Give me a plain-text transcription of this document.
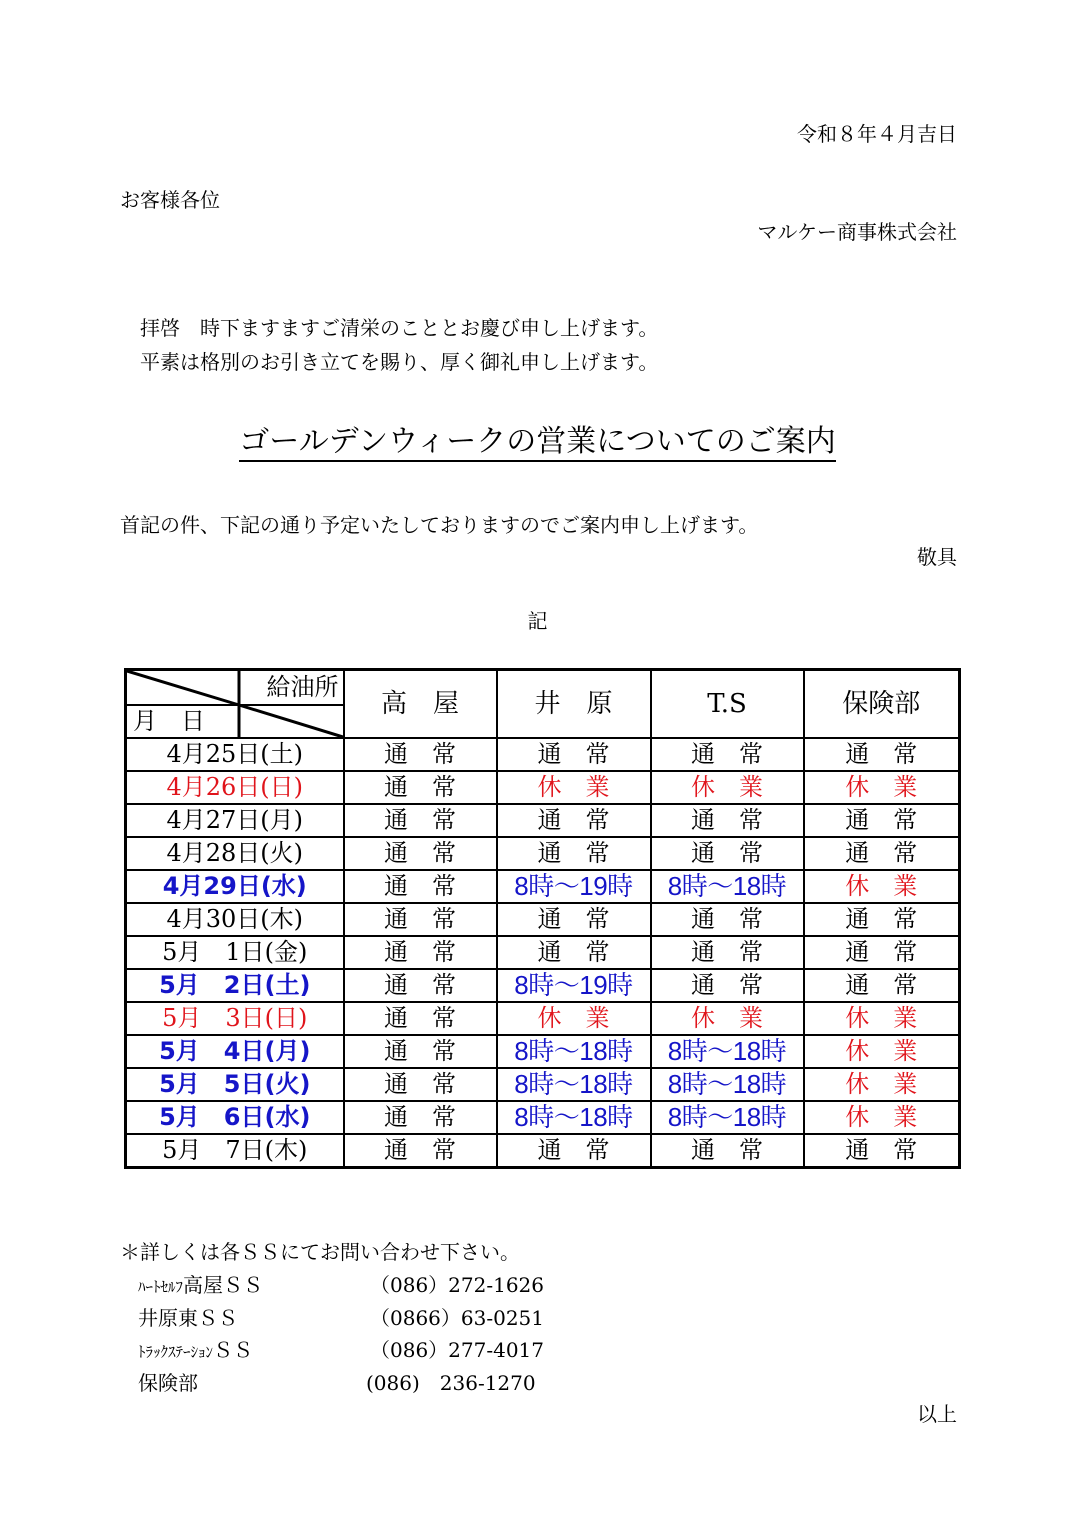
令和８年４月吉日
お客様各位
マルケー商事株式会社
拝啓　時下ますますご清栄のこととお慶び申し上げます。
平素は格別のお引き立てを賜り、厚く御礼申し上げます。
ゴールデンウィークの営業についてのご案内
首記の件、下記の通り予定いたしておりますのでご案内申し上げます。
敬具
記
給油所
月　日	高　屋	井　原	T.S	保険部
4月25日(土)	通　常	通　常	通　常	通　常
4月26日(日)	通　常	休　業	休　業	休　業
4月27日(月)	通　常	通　常	通　常	通　常
4月28日(火)	通　常	通　常	通　常	通　常
4月29日(水)	通　常	8時～19時	8時～18時	休　業
4月30日(木)	通　常	通　常	通　常	通　常
5月　1日(金)	通　常	通　常	通　常	通　常
5月　2日(土)	通　常	8時～19時	通　常	通　常
5月　3日(日)	通　常	休　業	休　業	休　業
5月　4日(月)	通　常	8時～18時	8時～18時	休　業
5月　5日(火)	通　常	8時～18時	8時～18時	休　業
5月　6日(水)	通　常	8時～18時	8時～18時	休　業
5月　7日(木)	通　常	通　常	通　常	通　常
＊詳しくは各ＳＳにてお問い合わせ下さい。
ﾊｰﾄｾﾙﾌ高屋ＳＳ	（086）272-1626
井原東ＳＳ	（0866）63-0251
ﾄﾗｯｸｽﾃｰｼｮﾝＳＳ	（086）277-4017
保険部	(086)　236-1270
以上
